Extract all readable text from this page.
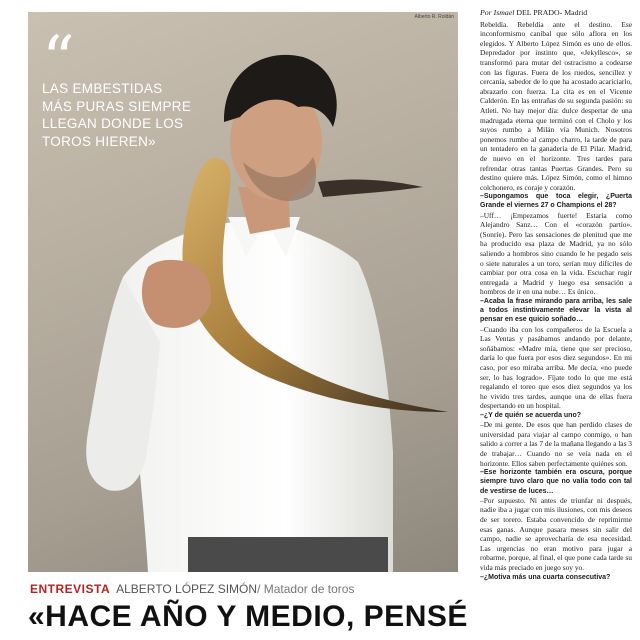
Alberto R. Roldán
“
LAS EMBESTIDAS MÁS PURAS SIEMPRE LLEGAN DONDE LOS TOROS HIEREN»
ENTREVISTA ALBERTO LÓPEZ SIMÓN/ Matador de toros
«HACE AÑO Y MEDIO, PENSÉ
Por Ismael DEL PRADO- Madrid

Rebeldía. Rebeldía ante el destino. Ese inconformismo caníbal que sólo aflora en los elegidos. Y Alberto López Simón es uno de ellos. Depredador por instinto que, «Jekyllesco», se transformó para mutar del ostracismo a codearse con las figuras. Fuera de los ruedos, sencillez y cercanía, sabedor de lo que ha acostado acariciarlo, abrazarlo con fuerza. La cita es en el Vicente Calderón. En las entrañas de su segunda pasión: su Atleti. No hay mejor día: dulce despertar de una madrugada eterna que terminó con el Cholo y los suyos rumbo a Milán vía Munich. Nosotros ponemos rumbo al campo charro, la tarde de para un tentadero en la ganadería de El Pilar. Madrid, de nuevo en el horizonte. Tres tardes para refrendar otras tantas Puertas Grandes. Pero su destino quiere más. López Simón, como el himno colchonero, es coraje y corazón.

–Supongamos que toca elegir, ¿Puerta Grande el viernes 27 o Champions el 28?

–Uff… ¡Empezamos fuerte! Estaría como Alejandro Sanz… Con el «corazón partío». (Sonríe). Pero las sensaciones de plenitud que me ha producido esa plaza de Madrid, ya no sólo saliendo a hombros sino cuando le he pegado seis o siete naturales a un toro, serían muy difíciles de cambiar por otra cosa en la vida. Escuchar rugir entregada a Madrid y luego esa sensación a hombros de ir en una nube… Es único.

–Acaba la frase mirando para arriba, les sale a todos instintivamente elevar la vista al pensar en ese quicio soñado…

–Cuando iba con los compañeros de la Escuela a Las Ventas y pasábamos andando por delante, soñábamos: «Madre mía, tiene que ser precioso, daría lo que fuera por esos diez segundos». En mi caso, por eso miraba arriba. Me decía, «no puede ser, lo has logrado». Fíjate todo lo que me está regalando el toreo que esos diez segundos ya los he vivido tres tardes, aunque una de ellas fuera despertando en un hospital.

–¿Y de quién se acuerda uno?

–De mi gente. De esos que han perdido clases de universidad para viajar al campo conmigo, o han salido a correr a las 7 de la mañana llegando a las 3 de trabajar… Cuando no se veía nada en el horizonte. Ellos saben perfectamente quiénes son.

–Ese horizonte también era oscura, porque siempre tuvo claro que no valía todo con tal de vestirse de luces…

–Por supuesto. Ni antes de triunfar ni después, nadie iba a jugar con mis ilusiones, con mis deseos de ser torero. Estaba convencido de reprimirme esas ganas. Aunque pasara meses sin salir del campo, nadie se aprovecharía de esa necesidad. Las urgencias no eran motivo para jugar a robarme, porque, al final, el que pone cada tarde su vida más preciado en juego soy yo.

–¿Motiva más una cuarta consecutiva?
